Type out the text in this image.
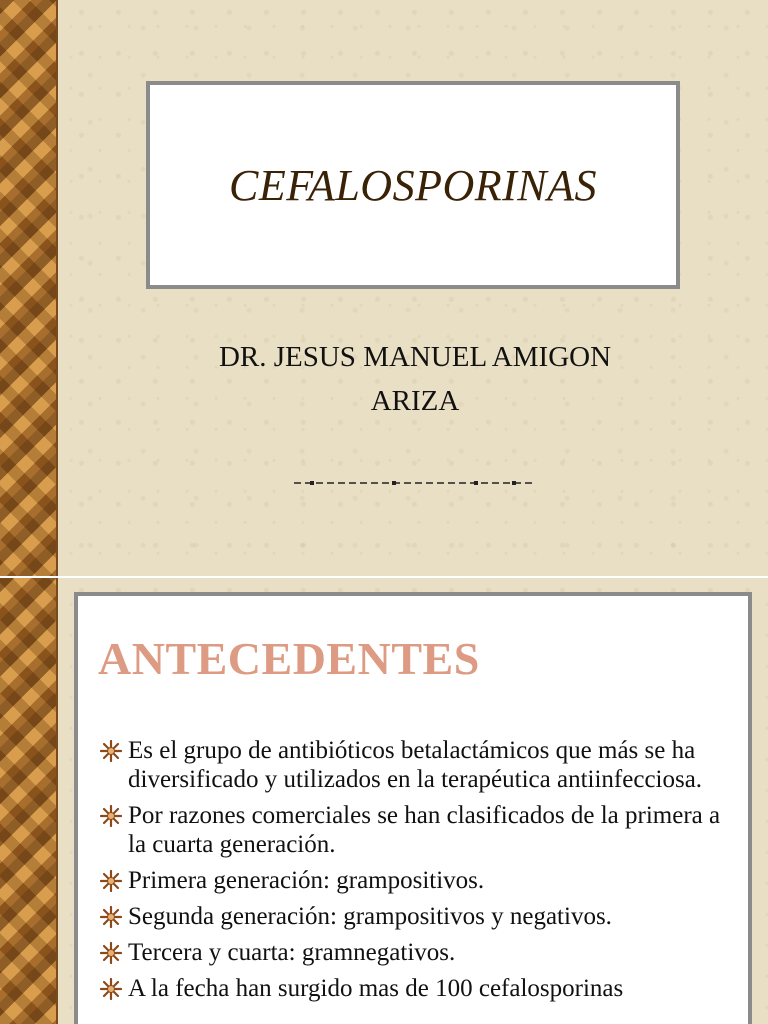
CEFALOSPORINAS
DR. JESUS MANUEL AMIGON
ARIZA
ANTECEDENTES
Es el grupo de antibióticos betalactámicos que más se ha diversificado y utilizados en la terapéutica antiinfecciosa.
Por razones comerciales se han clasificados de la primera a la cuarta generación.
Primera generación: grampositivos.
Segunda generación: grampositivos y negativos.
Tercera y cuarta: gramnegativos.
A la fecha han surgido mas de 100 cefalosporinas
